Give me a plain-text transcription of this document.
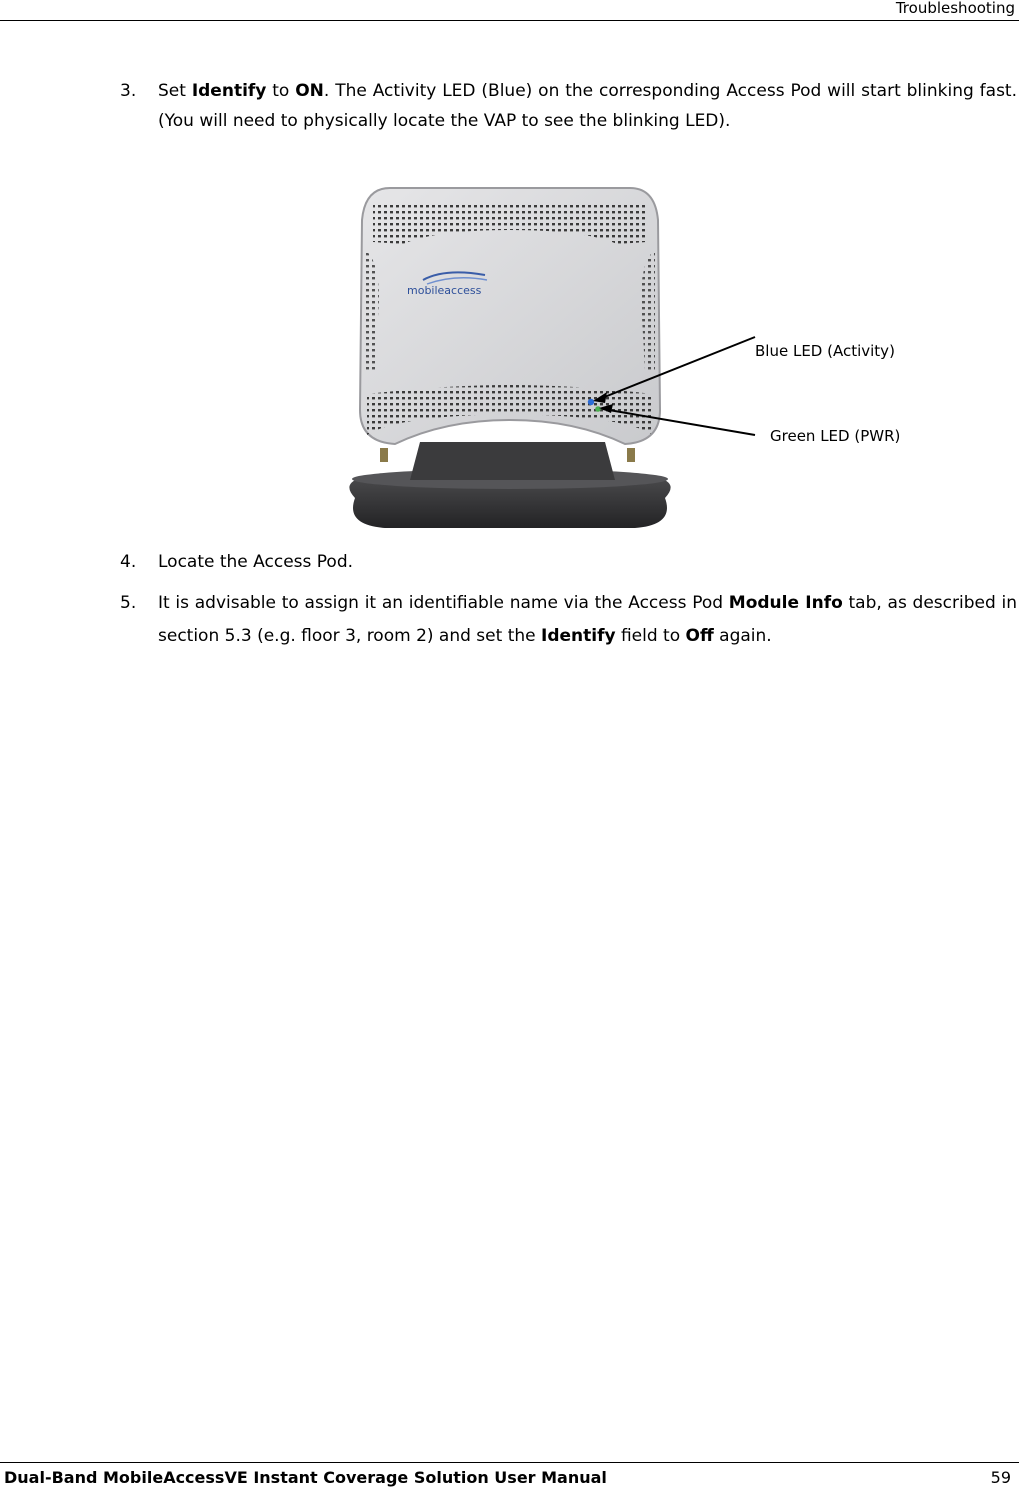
Troubleshooting
3.	Set Identify to ON. The Activity LED (Blue) on the corresponding Access Pod will start blinking fast. (You will need to physically locate the VAP to see the blinking LED).
mobileaccess
Blue LED (Activity)
Green LED (PWR)
4.	Locate the Access Pod.
5.	It is advisable to assign it an identifiable name via the Access Pod Module Info tab, as described in section 5.3 (e.g. floor 3, room 2) and set the Identify field to Off again.
Dual-Band MobileAccessVE Instant Coverage Solution User Manual	59
